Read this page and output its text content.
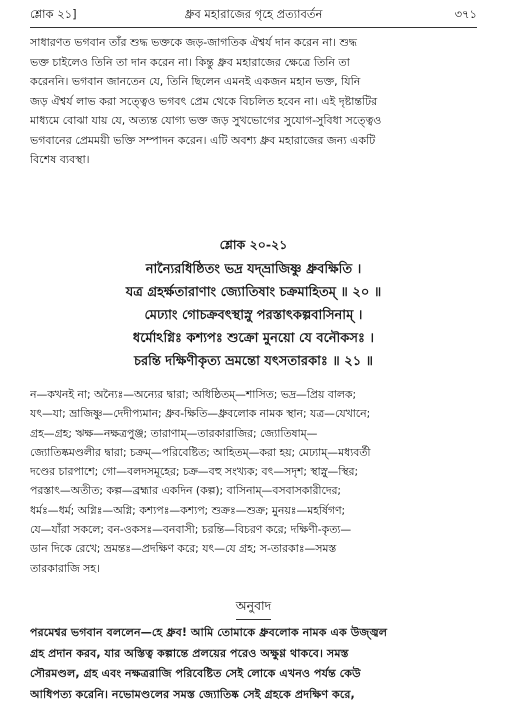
শ্লোক ২১]	ধ্রুব মহারাজের গৃহে প্রত্যাবর্তন	৩৭১
সাধারণত ভগবান তাঁর শুদ্ধ ভক্তকে জড়-জাগতিক ঐশ্বর্য দান করেন না। শুদ্ধ
ভক্ত চাইলেও তিনি তা দান করেন না। কিন্তু ধ্রুব মহারাজের ক্ষেত্রে তিনি তা
করেননি। ভগবান জানতেন যে, তিনি ছিলেন এমনই একজন মহান ভক্ত, যিনি
জড় ঐশ্বর্য লাভ করা সত্ত্বেও ভগবৎ প্রেম থেকে বিচলিত হবেন না। এই দৃষ্টান্তটির
মাধ্যমে বোঝা যায় যে, অত্যন্ত যোগ্য ভক্ত জড় সুখভোগের সুযোগ-সুবিধা সত্ত্বেও
ভগবানের প্রেমময়ী ভক্তি সম্পাদন করেন। এটি অবশ্য ধ্রুব মহারাজের জন্য একটি
বিশেষ ব্যবস্থা।
শ্লোক ২০-২১
নান্যৈরধিষ্ঠিতং ভদ্র যদ্‌ভ্রাজিষ্ণু ধ্রুবক্ষিতি ।
যত্র গ্রহর্ক্ষতারাণাং জ্যোতিষাং চক্রমাহিতম্‌ ॥ ২০ ॥
মেঢ্যাং গোচক্রবৎস্থাস্নু পরস্তাৎকল্পবাসিনাম্‌ ।
ধর্মোঽগ্নিঃ কশ্যপঃ শুক্রো মুনয়ো যে বনৌকসঃ ।
চরন্তি দক্ষিণীকৃত্য ভ্রমন্তো যৎসতারকাঃ ॥ ২১ ॥
ন—কখনই না; অন্যৈঃ—অন্যের দ্বারা; অধিষ্ঠিতম্‌—শাসিত; ভদ্র—প্রিয় বালক;
যৎ—যা; ভ্রাজিষ্ণু—দেদীপ্যমান; ধ্রুব-ক্ষিতি—ধ্রুবলোক নামক স্থান; যত্র—যেখানে;
গ্রহ—গ্রহ; ঋক্ষ—নক্ষত্রপুঞ্জ; তারাণাম্‌—তারকারাজির; জ্যোতিষাম্‌—
জ্যোতিষ্কমণ্ডলীর দ্বারা; চক্রম্‌—পরিবেষ্টিত; আহিতম্‌—করা হয়; মেঢ্যাম্‌—মধ্যবর্তী
দণ্ডের চারপাশে; গো—বলদসমূহের; চক্র—বহু সংখ্যক; বৎ—সদৃশ; স্থাস্নু—স্থির;
পরস্তাৎ—অতীত; কল্প—ব্রহ্মার একদিন (কল্প); বাসিনাম্‌—বসবাসকারীদের;
ধর্মঃ—ধর্ম; অগ্নিঃ—অগ্নি; কশ্যপঃ—কশ্যপ; শুক্রঃ—শুক্র; মুনয়ঃ—মহর্ষিগণ;
যে—যাঁরা সকলে; বন-ওকসঃ—বনবাসী; চরন্তি—বিচরণ করে; দক্ষিণী-কৃত্য—
ডান দিকে রেখে; ভ্রমন্তঃ—প্রদক্ষিণ করে; যৎ—যে গ্রহ; স-তারকাঃ—সমস্ত
তারকারাজি সহ।
অনুবাদ
পরমেশ্বর ভগবান বললেন—হে ধ্রুব! আমি তোমাকে ধ্রুবলোক নামক এক উজ্জ্বল
গ্রহ প্রদান করব, যার অস্তিত্ব কল্পান্তে প্রলয়ের পরেও অক্ষুণ্ণ থাকবে। সমস্ত
সৌরমণ্ডল, গ্রহ এবং নক্ষত্ররাজি পরিবেষ্টিত সেই লোকে এখনও পর্যন্ত কেউ
আধিপত্য করেনি। নভোমণ্ডলের সমস্ত জ্যোতিষ্ক সেই গ্রহকে প্রদক্ষিণ করে,
